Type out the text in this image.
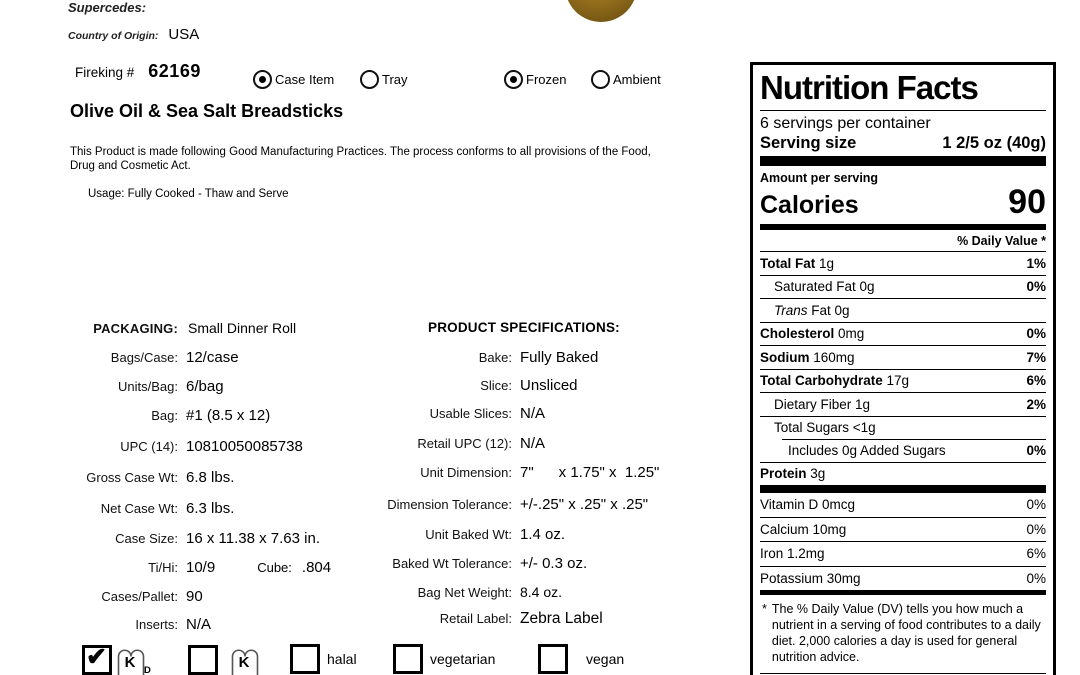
Supercedes:
Country of Origin: USA
Fireking # 62169	Case Item	Tray	Frozen	Ambient
Olive Oil & Sea Salt Breadsticks
This Product is made following Good Manufacturing Practices. The process conforms to all provisions of the Food, Drug and Cosmetic Act.
Usage: Fully Cooked - Thaw and Serve
PACKAGING: Small Dinner Roll
Bags/Case: 12/case
Units/Bag: 6/bag
Bag: #1 (8.5 x 12)
UPC (14): 10810050085738
Gross Case Wt: 6.8 lbs.
Net Case Wt: 6.3 lbs.
Case Size: 16 x 11.38 x 7.63 in.
Ti/Hi: 10/9	Cube: .804
Cases/Pallet: 90
Inserts: N/A
PRODUCT SPECIFICATIONS:
Bake: Fully Baked
Slice: Unsliced
Usable Slices: N/A
Retail UPC (12): N/A
Unit Dimension: 7"      x 1.75" x  1.25"
Dimension Tolerance: +/-.25" x .25" x .25"
Unit Baked Wt: 1.4 oz.
Baked Wt Tolerance: +/- 0.3 oz.
Bag Net Weight: 8.4 oz.
Retail Label: Zebra Label
Nutrition Facts
6 servings per container
Serving size	1 2/5 oz (40g)
Amount per serving
Calories	90
% Daily Value *
Total Fat 1g	1%
Saturated Fat 0g	0%
Trans Fat 0g
Cholesterol 0mg	0%
Sodium 160mg	7%
Total Carbohydrate 17g	6%
Dietary Fiber 1g	2%
Total Sugars <1g
Includes 0g Added Sugars	0%
Protein 3g
Vitamin D 0mcg	0%
Calcium 10mg	0%
Iron 1.2mg	6%
Potassium 30mg	0%
* The % Daily Value (DV) tells you how much a nutrient in a serving of food contributes to a daily diet. 2,000 calories a day is used for general nutrition advice.
✔	K D	K	halal	vegetarian	vegan
